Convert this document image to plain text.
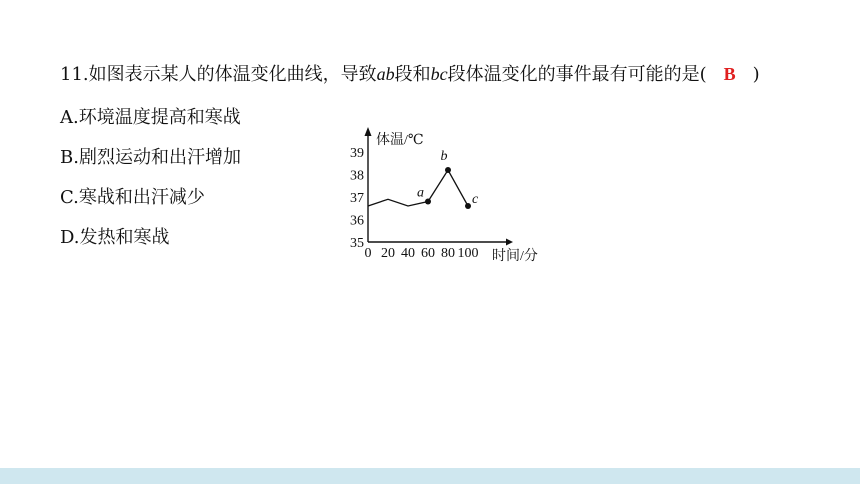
11.如图表示某人的体温变化曲线，导致ab段和bc段体温变化的事件最有可能的是( B )
A.环境温度提高和寒战
B.剧烈运动和出汗增加
C.寒战和出汗减少
D.发热和寒战
39
38
37
36
35
0 20 40 60 80 100
a
b
c
体温/℃
时间/分
